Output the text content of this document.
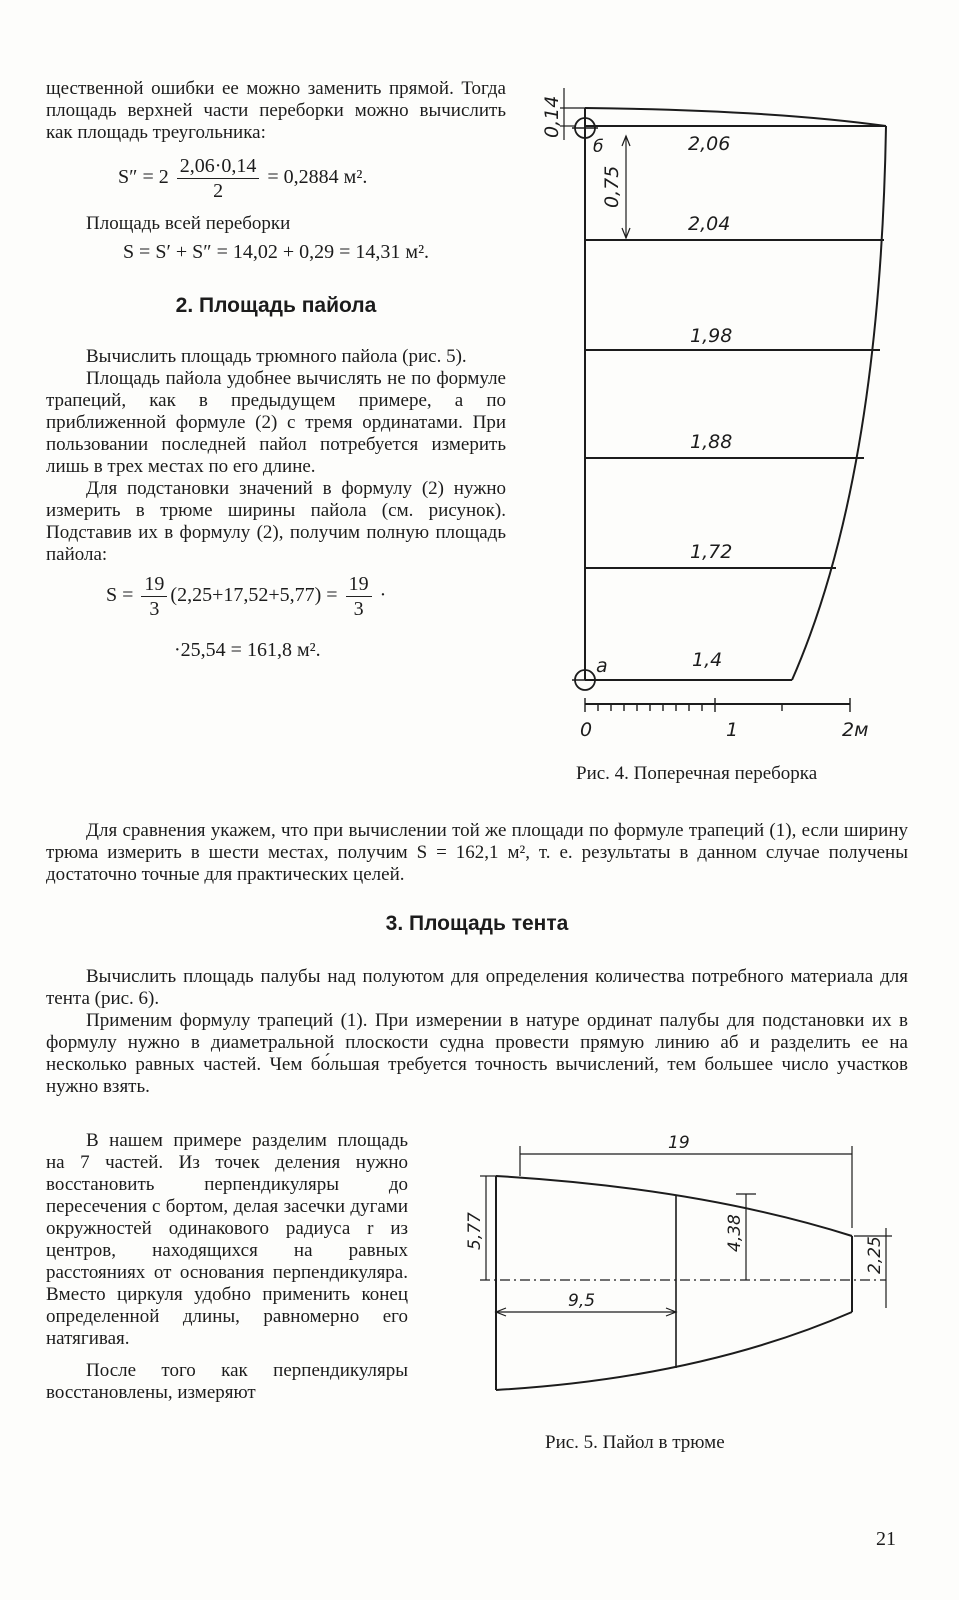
щественной ошибки ее можно заменить прямой. Тогда площадь верхней части переборки можно вычислить как площадь треугольника:

$S'' = 2 \frac{2,06\cdot 0,14}{2} = 0,2884$ м².

Площадь всей переборки

S = S′ + S″ = 14,02 + 0,29 = 14,31 м².

2. Площадь пайола

Вычислить площадь трюмного пайола (рис. 5).

Площадь пайола удобнее вычислять не по формуле трапеций, как в предыдущем примере, а по приближенной формуле (2) с тремя ординатами. При пользовании последней пайол потребуется измерить лишь в трех местах по его длине.

Для подстановки значений в формулу (2) нужно измерить в трюме ширины пайола (см. рисунок). Подставив их в формулу (2), получим полную площадь пайола:

$S = \frac{19}{3} (2,25+17,52+5,77) = \frac{19}{3}$ ·

·25,54 = 161,8 м².

0,14
0,75
б
а
2,06
2,04
1,98
1,88
1,72
1,4
0	1	2м
Рис. 4. Поперечная переборка

Для сравнения укажем, что при вычислении той же площади по формуле трапеций (1), если ширину трюма измерить в шести местах, получим S = 162,1 м², т. е. результаты в данном случае получены достаточно точные для практических целей.

3. Площадь тента

Вычислить площадь палубы над полуютом для определения количества потребного материала для тента (рис. 6).

Применим формулу трапеций (1). При измерении в натуре ординат палубы для подстановки их в формулу нужно в диаметральной плоскости судна провести прямую линию аб и разделить ее на несколько равных частей. Чем бо́льшая требуется точность вычислений, тем большее число участков нужно взять.

В нашем примере разделим площадь на 7 частей. Из точек деления нужно восстановить перпендикуляры до пересечения с бортом, делая засечки дугами окружностей одинакового радиуса r из центров, находящихся на равных расстояниях от основания перпендикуляра. Вместо циркуля удобно применить конец определенной длины, равномерно его натягивая.

После того как перпендикуляры восстановлены, измеряют

19
5,77	4,38
2,25
9,5
Рис. 5. Пайол в трюме
21
